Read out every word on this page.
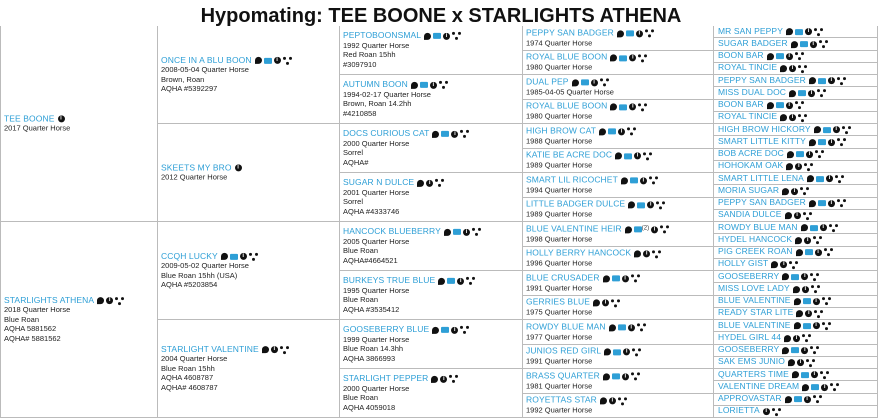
Hypomating: TEE BOONE x STARLIGHTS ATHENA
TEE BOONE i
2017 Quarter Horse
STARLIGHTS ATHENA i
2018 Quarter Horse
Blue Roan
AQHA 5881562
AQHA# 5881562
ONCE IN A BLU BOON	i
2008-05-04 Quarter Horse
Brown, Roan
AQHA #5392297
SKEETS MY BRO i
2012 Quarter Horse
CCQH LUCKY	i
2009-05-02 Quarter Horse
Blue Roan 15hh (USA)
AQHA #5203854
STARLIGHT VALENTINE i
2004 Quarter Horse
Blue Roan 15hh
AQHA 4608787
AQHA# 4608787
PEPTOBOONSMAL	i
1992 Quarter Horse
Red Roan 15hh
#3097910
AUTUMN BOON	i
1994-02-17 Quarter Horse
Brown, Roan 14.2hh
#4210858
DOCS CURIOUS CAT	i
2000 Quarter Horse
Sorrel
AQHA#
SUGAR N DULCE i
2001 Quarter Horse
Sorrel
AQHA #4333746
HANCOCK BLUEBERRY	i
2005 Quarter Horse
Blue Roan
AQHA#4664521
BURKEYS TRUE BLUE	i
1995 Quarter Horse
Blue Roan
AQHA #3535412
GOOSEBERRY BLUE	i
1999 Quarter Horse
Blue Roan 14.3hh
AQHA 3866993
STARLIGHT PEPPER i
2000 Quarter Horse
Blue Roan
AQHA 4059018
PEPPY SAN BADGER	i
1974 Quarter Horse
ROYAL BLUE BOON	i
1980 Quarter Horse
DUAL PEP	i
1985-04-05 Quarter Horse
ROYAL BLUE BOON	i
1980 Quarter Horse
HIGH BROW CAT	i
1988 Quarter Horse
KATIE BE ACRE DOC	i
1989 Quarter Horse
SMART LIL RICOCHET	i
1994 Quarter Horse
LITTLE BADGER DULCE	i
1989 Quarter Horse
BLUE VALENTINE HEIR	$^{(2)}$ i
1998 Quarter Horse
HOLLY BERRY HANCOCK i
1996 Quarter Horse
BLUE CRUSADER	i
1991 Quarter Horse
GERRIES BLUE i
1975 Quarter Horse
ROWDY BLUE MAN	i
1977 Quarter Horse
JUNIOS RED GIRL	i
1991 Quarter Horse
BRASS QUARTER	i
1981 Quarter Horse
ROYETTAS STAR i
1992 Quarter Horse
MR SAN PEPPY	i
SUGAR BADGER	i
BOON BAR	i
ROYAL TINCIE i
PEPPY SAN BADGER	i
MISS DUAL DOC	i
BOON BAR	i
ROYAL TINCIE i
HIGH BROW HICKORY	i
SMART LITTLE KITTY	i
BOB ACRE DOC	i
HOHOKAM OAK i
SMART LITTLE LENA	i
MORIA SUGAR i
PEPPY SAN BADGER	i
SANDIA DULCE i
ROWDY BLUE MAN	i
HYDEL HANCOCK i
PIG CREEK ROAN	i
HOLLY GIST i
GOOSEBERRY	i
MISS LOVE LADY i
BLUE VALENTINE	i
READY STAR LITE i
BLUE VALENTINE	i
HYDEL GIRL 44 i
GOOSEBERRY	i
SAK EMS JUNIO i
QUARTERS TIME	i
VALENTINE DREAM	i
APPROVASTAR	i
LORIETTA i
